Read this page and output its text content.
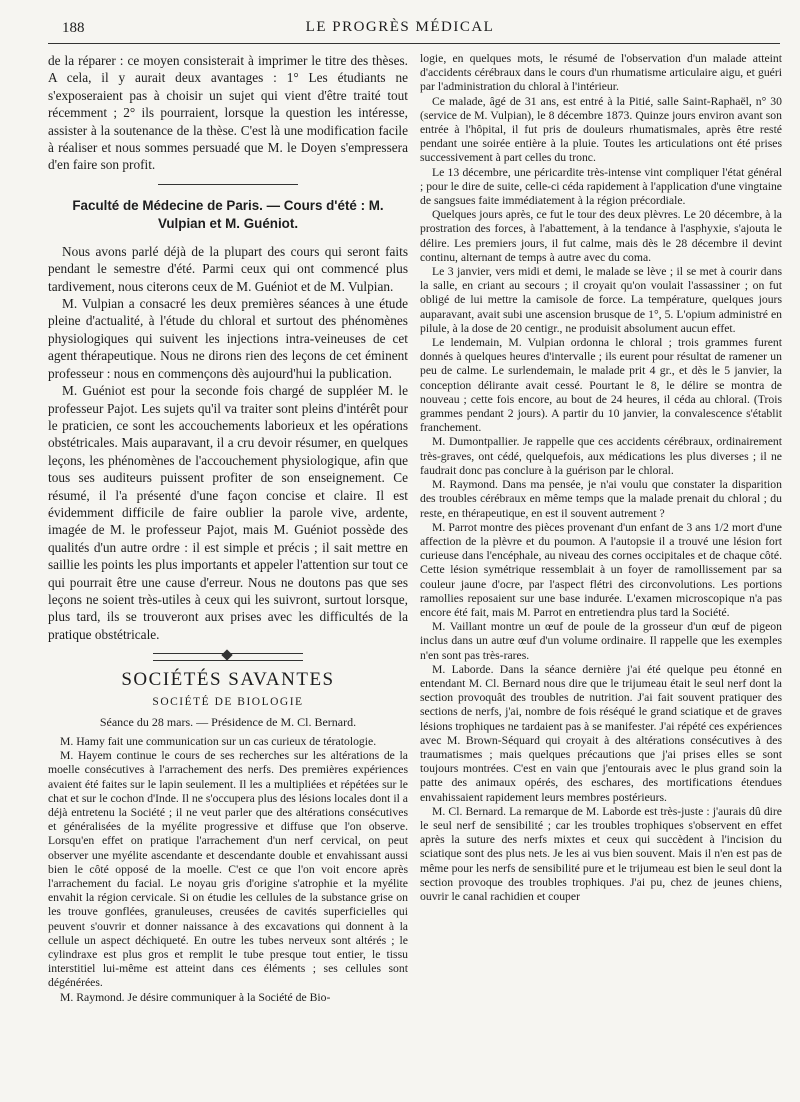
188	LE PROGRÈS MÉDICAL

de la réparer : ce moyen consisterait à imprimer le titre des thèses. A cela, il y aurait deux avantages : 1° Les étudiants ne s'exposeraient pas à choisir un sujet qui vient d'être traité tout récemment ; 2° ils pourraient, lorsque la question les intéresse, assister à la soutenance de la thèse. C'est là une modification facile à réaliser et nous sommes persuadé que M. le Doyen s'empressera d'en faire son profit.

Faculté de Médecine de Paris. — Cours d'été : M. Vulpian et M. Guéniot.

Nous avons parlé déjà de la plupart des cours qui seront faits pendant le semestre d'été. Parmi ceux qui ont commencé plus tardivement, nous citerons ceux de M. Guéniot et de M. Vulpian.

M. Vulpian a consacré les deux premières séances à une étude pleine d'actualité, à l'étude du chloral et surtout des phénomènes physiologiques qui suivent les injections intra-veineuses de cet agent thérapeutique. Nous ne dirons rien des leçons de cet éminent professeur : nous en commençons dès aujourd'hui la publication.

M. Guéniot est pour la seconde fois chargé de suppléer M. le professeur Pajot. Les sujets qu'il va traiter sont pleins d'intérêt pour le praticien, ce sont les accouchements laborieux et les opérations obstétricales. Mais auparavant, il a cru devoir résumer, en quelques leçons, les phénomènes de l'accouchement physiologique, afin que tous ses auditeurs puissent profiter de son enseignement. Ce résumé, il l'a présenté d'une façon concise et claire. Il est évidemment difficile de faire oublier la parole vive, ardente, imagée de M. le professeur Pajot, mais M. Guéniot possède des qualités d'un autre ordre : il est simple et précis ; il sait mettre en saillie les points les plus importants et appeler l'attention sur tout ce qui pourrait être une cause d'erreur. Nous ne doutons pas que ses leçons ne soient très-utiles à ceux qui les suivront, surtout lorsque, plus tard, ils se trouveront aux prises avec les difficultés de la pratique obstétricale.

SOCIÉTÉS SAVANTES
SOCIÉTÉ DE BIOLOGIE
Séance du 28 mars. — Présidence de M. Cl. Bernard.

M. Hamy fait une communication sur un cas curieux de tératologie.

M. Hayem continue le cours de ses recherches sur les altérations de la moelle consécutives à l'arrachement des nerfs. Des premières expériences avaient été faites sur le lapin seulement. Il les a multipliées et répétées sur le chat et sur le cochon d'Inde. Il ne s'occupera plus des lésions locales dont il a déjà entretenu la Société ; il ne veut parler que des altérations consécutives et généralisées de la myélite progressive et diffuse que l'on observe. Lorsqu'en effet on pratique l'arrachement d'un nerf cervical, on peut observer une myélite ascendante et descendante double et envahissant aussi bien le côté opposé de la moelle. C'est ce que l'on voit encore après l'arrachement du facial. Le noyau gris d'origine s'atrophie et la myélite envahit la région cervicale. Si on étudie les cellules de la substance grise on les trouve gonflées, granuleuses, creusées de cavités superficielles qui peuvent s'ouvrir et donner naissance à des excavations qui donnent à la cellule un aspect déchiqueté. En outre les tubes nerveux sont altérés ; le cylindraxe est plus gros et remplit le tube presque tout entier, le tissu interstitiel lui-même est atteint dans ces éléments ; ses cellules sont dégénérées.

M. Raymond. Je désire communiquer à la Société de Bio-

logie, en quelques mots, le résumé de l'observation d'un malade atteint d'accidents cérébraux dans le cours d'un rhumatisme articulaire aigu, et guéri par l'administration du chloral à l'intérieur.

Ce malade, âgé de 31 ans, est entré à la Pitié, salle Saint-Raphaël, n° 30 (service de M. Vulpian), le 8 décembre 1873. Quinze jours environ avant son entrée à l'hôpital, il fut pris de douleurs rhumatismales, après être resté pendant une soirée entière à la pluie. Toutes les articulations ont été prises successivement à part celles du tronc.

Le 13 décembre, une péricardite très-intense vint compliquer l'état général ; pour le dire de suite, celle-ci céda rapidement à l'application d'une vingtaine de sangsues faite immédiatement à la région précordiale.

Quelques jours après, ce fut le tour des deux plèvres. Le 20 décembre, à la prostration des forces, à l'abattement, à la tendance à l'asphyxie, s'ajouta le délire. Les premiers jours, il fut calme, mais dès le 28 décembre il devint continu, alternant de temps à autre avec du coma.

Le 3 janvier, vers midi et demi, le malade se lève ; il se met à courir dans la salle, en criant au secours ; il croyait qu'on voulait l'assassiner ; on fut obligé de lui mettre la camisole de force. La température, quelques jours auparavant, avait subi une ascension brusque de 1°, 5. L'opium administré en pilule, à la dose de 20 centigr., ne produisit absolument aucun effet.

Le lendemain, M. Vulpian ordonna le chloral ; trois grammes furent donnés à quelques heures d'intervalle ; ils eurent pour résultat de ramener un peu de calme. Le surlendemain, le malade prit 4 gr., et dès le 5 janvier, la conception délirante avait cessé. Pourtant le 8, le délire se montra de nouveau ; cette fois encore, au bout de 24 heures, il céda au chloral. (Trois grammes pendant 2 jours). A partir du 10 janvier, la convalescence s'établit franchement.

M. Dumontpallier. Je rappelle que ces accidents cérébraux, ordinairement très-graves, ont cédé, quelquefois, aux médications les plus diverses ; il ne faudrait donc pas conclure à la guérison par le chloral.

M. Raymond. Dans ma pensée, je n'ai voulu que constater la disparition des troubles cérébraux en même temps que la malade prenait du chloral ; du reste, en thérapeutique, en est il souvent autrement ?

M. Parrot montre des pièces provenant d'un enfant de 3 ans 1/2 mort d'une affection de la plèvre et du poumon. A l'autopsie il a trouvé une lésion fort curieuse dans l'encéphale, au niveau des cornes occipitales et de chaque côté. Cette lésion symétrique ressemblait à un foyer de ramollissement par sa couleur jaune d'ocre, par l'aspect flétri des circonvolutions. Les portions ramollies reposaient sur une base indurée. L'examen microscopique n'a pas encore été fait, mais M. Parrot en entretiendra plus tard la Société.

M. Vaillant montre un œuf de poule de la grosseur d'un œuf de pigeon inclus dans un autre œuf d'un volume ordinaire. Il rappelle que les exemples n'en sont pas très-rares.

M. Laborde. Dans la séance dernière j'ai été quelque peu étonné en entendant M. Cl. Bernard nous dire que le trijumeau était le seul nerf dont la section provoquât des troubles de nutrition. J'ai fait souvent pratiquer des sections de nerfs, j'ai, nombre de fois réséqué le grand sciatique et de graves lésions trophiques ne tardaient pas à se manifester. J'ai répété ces expériences avec M. Brown-Séquard qui croyait à des altérations consécutives à des traumatismes ; mais quelques précautions que j'ai prises elles se sont toujours montrées. C'est en vain que j'entourais avec le plus grand soin la patte des animaux opérés, des eschares, des mortifications étendues envahissaient rapidement leurs membres postérieurs.

M. Cl. Bernard. La remarque de M. Laborde est très-juste : j'aurais dû dire le seul nerf de sensibilité ; car les troubles trophiques s'observent en effet après la suture des nerfs mixtes et ceux qui succèdent à l'incision du sciatique sont des plus nets. Je les ai vus bien souvent. Mais il n'en est pas de même pour les nerfs de sensibilité pure et le trijumeau est bien le seul dont la section provoque des troubles trophiques. J'ai pu, chez de jeunes chiens, ouvrir le canal rachidien et couper
